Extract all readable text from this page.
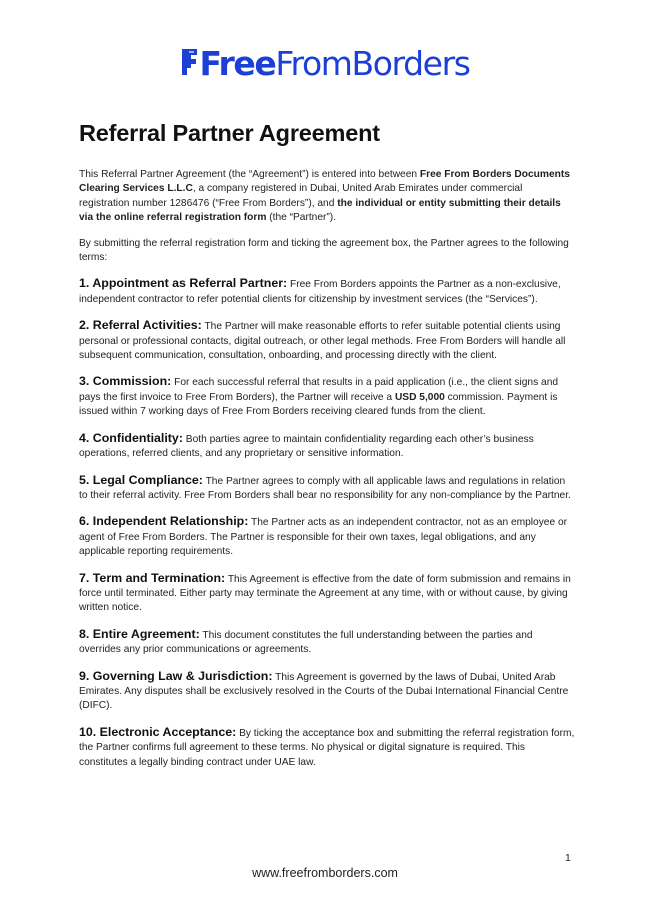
FreeFromBorders
Referral Partner Agreement

This Referral Partner Agreement (the “Agreement”) is entered into between Free From Borders Documents Clearing Services L.L.C, a company registered in Dubai, United Arab Emirates under commercial registration number 1286476 (“Free From Borders”), and the individual or entity submitting their details via the online referral registration form (the “Partner”).

By submitting the referral registration form and ticking the agreement box, the Partner agrees to the following terms:

1. Appointment as Referral Partner: Free From Borders appoints the Partner as a non-exclusive, independent contractor to refer potential clients for citizenship by investment services (the “Services”).

2. Referral Activities: The Partner will make reasonable efforts to refer suitable potential clients using personal or professional contacts, digital outreach, or other legal methods. Free From Borders will handle all subsequent communication, consultation, onboarding, and processing directly with the client.

3. Commission: For each successful referral that results in a paid application (i.e., the client signs and pays the first invoice to Free From Borders), the Partner will receive a USD 5,000 commission. Payment is issued within 7 working days of Free From Borders receiving cleared funds from the client.

4. Confidentiality: Both parties agree to maintain confidentiality regarding each other’s business operations, referred clients, and any proprietary or sensitive information.

5. Legal Compliance: The Partner agrees to comply with all applicable laws and regulations in relation to their referral activity. Free From Borders shall bear no responsibility for any non-compliance by the Partner.

6. Independent Relationship: The Partner acts as an independent contractor, not as an employee or agent of Free From Borders. The Partner is responsible for their own taxes, legal obligations, and any applicable reporting requirements.

7. Term and Termination: This Agreement is effective from the date of form submission and remains in force until terminated. Either party may terminate the Agreement at any time, with or without cause, by giving written notice.

8. Entire Agreement: This document constitutes the full understanding between the parties and overrides any prior communications or agreements.

9. Governing Law & Jurisdiction: This Agreement is governed by the laws of Dubai, United Arab Emirates. Any disputes shall be exclusively resolved in the Courts of the Dubai International Financial Centre (DIFC).

10. Electronic Acceptance: By ticking the acceptance box and submitting the referral registration form, the Partner confirms full agreement to these terms. No physical or digital signature is required. This constitutes a legally binding contract under UAE law.

1
www.freefromborders.com
